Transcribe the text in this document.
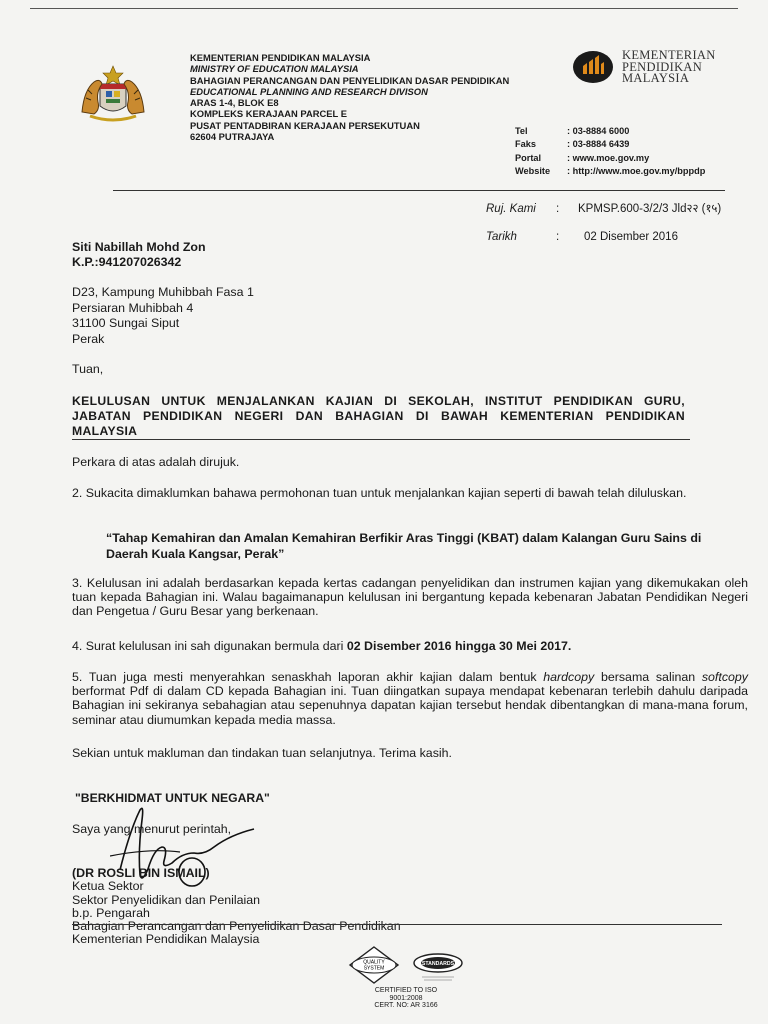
KEMENTERIAN PENDIDIKAN MALAYSIA
MINISTRY OF EDUCATION MALAYSIA
BAHAGIAN PERANCANGAN DAN PENYELIDIKAN DASAR PENDIDIKAN
EDUCATIONAL PLANNING AND RESEARCH DIVISON
ARAS 1-4, BLOK E8
KOMPLEKS KERAJAAN PARCEL E
PUSAT PENTADBIRAN KERAJAAN PERSEKUTUAN
62604 PUTRAJAYA
KEMENTERIAN
PENDIDIKAN
MALAYSIA
Tel	: 03-8884 6000
Faks	: 03-8884 6439
Portal	: www.moe.gov.my
Website : http://www.moe.gov.my/bppdp
Ruj. Kami : KPMSP.600-3/2/3 Jld२२ (१५)
Tarikh	: 02 Disember 2016
Siti Nabillah Mohd Zon
K.P.:941207026342
D23, Kampung Muhibbah Fasa 1
Persiaran Muhibbah 4
31100 Sungai Siput
Perak
Tuan,
KELULUSAN UNTUK MENJALANKAN KAJIAN DI SEKOLAH, INSTITUT PENDIDIKAN GURU, JABATAN PENDIDIKAN NEGERI DAN BAHAGIAN DI BAWAH KEMENTERIAN PENDIDIKAN MALAYSIA
Perkara di atas adalah dirujuk.
2. Sukacita dimaklumkan bahawa permohonan tuan untuk menjalankan kajian seperti di bawah telah diluluskan.
“Tahap Kemahiran dan Amalan Kemahiran Berfikir Aras Tinggi (KBAT) dalam Kalangan Guru Sains di Daerah Kuala Kangsar, Perak”
3. Kelulusan ini adalah berdasarkan kepada kertas cadangan penyelidikan dan instrumen kajian yang dikemukakan oleh tuan kepada Bahagian ini. Walau bagaimanapun kelulusan ini bergantung kepada kebenaran Jabatan Pendidikan Negeri dan Pengetua / Guru Besar yang berkenaan.
4. Surat kelulusan ini sah digunakan bermula dari 02 Disember 2016 hingga 30 Mei 2017.
5. Tuan juga mesti menyerahkan senaskhah laporan akhir kajian dalam bentuk hardcopy bersama salinan softcopy berformat Pdf di dalam CD kepada Bahagian ini. Tuan diingatkan supaya mendapat kebenaran terlebih dahulu daripada Bahagian ini sekiranya sebahagian atau sepenuhnya dapatan kajian tersebut hendak dibentangkan di mana-mana forum, seminar atau diumumkan kepada media massa.
Sekian untuk makluman dan tindakan tuan selanjutnya. Terima kasih.
"BERKHIDMAT UNTUK NEGARA"
Saya yang menurut perintah,
(DR ROSLI BIN ISMAIL)
Ketua Sektor
Sektor Penyelidikan dan Penilaian
b.p. Pengarah
Bahagian Perancangan dan Penyelidikan Dasar Pendidikan
Kementerian Pendidikan Malaysia
QUALITY
SYSTEM
STANDARDS
CERTIFIED TO ISO 9001:2008
CERT. NO: AR 3166
